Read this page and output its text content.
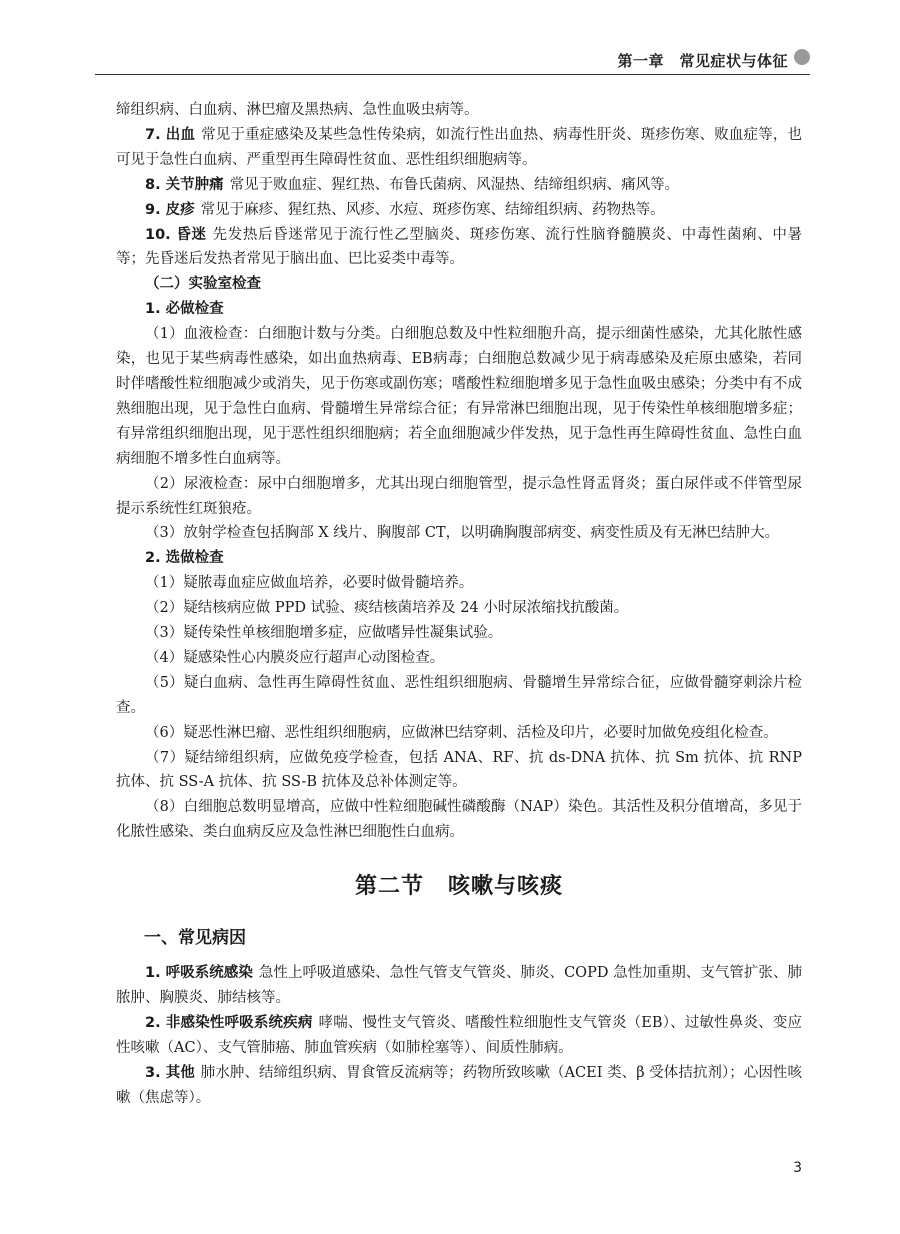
第一章　常见症状与体征

缔组织病、白血病、淋巴瘤及黑热病、急性血吸虫病等。

7. 出血 常见于重症感染及某些急性传染病，如流行性出血热、病毒性肝炎、斑疹伤寒、败血症等，也可见于急性白血病、严重型再生障碍性贫血、恶性组织细胞病等。

8. 关节肿痛 常见于败血症、猩红热、布鲁氏菌病、风湿热、结缔组织病、痛风等。

9. 皮疹 常见于麻疹、猩红热、风疹、水痘、斑疹伤寒、结缔组织病、药物热等。

10. 昏迷 先发热后昏迷常见于流行性乙型脑炎、斑疹伤寒、流行性脑脊髓膜炎、中毒性菌痢、中暑等；先昏迷后发热者常见于脑出血、巴比妥类中毒等。

（二）实验室检查

1. 必做检查

（1）血液检查：白细胞计数与分类。白细胞总数及中性粒细胞升高，提示细菌性感染，尤其化脓性感染，也见于某些病毒性感染，如出血热病毒、EB病毒；白细胞总数减少见于病毒感染及疟原虫感染，若同时伴嗜酸性粒细胞减少或消失，见于伤寒或副伤寒；嗜酸性粒细胞增多见于急性血吸虫感染；分类中有不成熟细胞出现，见于急性白血病、骨髓增生异常综合征；有异常淋巴细胞出现，见于传染性单核细胞增多症；有异常组织细胞出现，见于恶性组织细胞病；若全血细胞减少伴发热，见于急性再生障碍性贫血、急性白血病细胞不增多性白血病等。

（2）尿液检查：尿中白细胞增多，尤其出现白细胞管型，提示急性肾盂肾炎；蛋白尿伴或不伴管型尿提示系统性红斑狼疮。

（3）放射学检查包括胸部 X 线片、胸腹部 CT，以明确胸腹部病变、病变性质及有无淋巴结肿大。

2. 选做检查

（1）疑脓毒血症应做血培养，必要时做骨髓培养。

（2）疑结核病应做 PPD 试验、痰结核菌培养及 24 小时尿浓缩找抗酸菌。

（3）疑传染性单核细胞增多症，应做嗜异性凝集试验。

（4）疑感染性心内膜炎应行超声心动图检查。

（5）疑白血病、急性再生障碍性贫血、恶性组织细胞病、骨髓增生异常综合征，应做骨髓穿刺涂片检查。

（6）疑恶性淋巴瘤、恶性组织细胞病，应做淋巴结穿刺、活检及印片，必要时加做免疫组化检查。

（7）疑结缔组织病，应做免疫学检查，包括 ANA、RF、抗 ds-DNA 抗体、抗 Sm 抗体、抗 RNP 抗体、抗 SS-A 抗体、抗 SS-B 抗体及总补体测定等。

（8）白细胞总数明显增高，应做中性粒细胞碱性磷酸酶（NAP）染色。其活性及积分值增高，多见于化脓性感染、类白血病反应及急性淋巴细胞性白血病。

第二节 咳嗽与咳痰
一、常见病因

1. 呼吸系统感染 急性上呼吸道感染、急性气管支气管炎、肺炎、COPD 急性加重期、支气管扩张、肺脓肿、胸膜炎、肺结核等。

2. 非感染性呼吸系统疾病 哮喘、慢性支气管炎、嗜酸性粒细胞性支气管炎（EB）、过敏性鼻炎、变应性咳嗽（AC）、支气管肺癌、肺血管疾病（如肺栓塞等）、间质性肺病。

3. 其他 肺水肿、结缔组织病、胃食管反流病等；药物所致咳嗽（ACEI 类、β 受体拮抗剂）；心因性咳嗽（焦虑等）。

3
